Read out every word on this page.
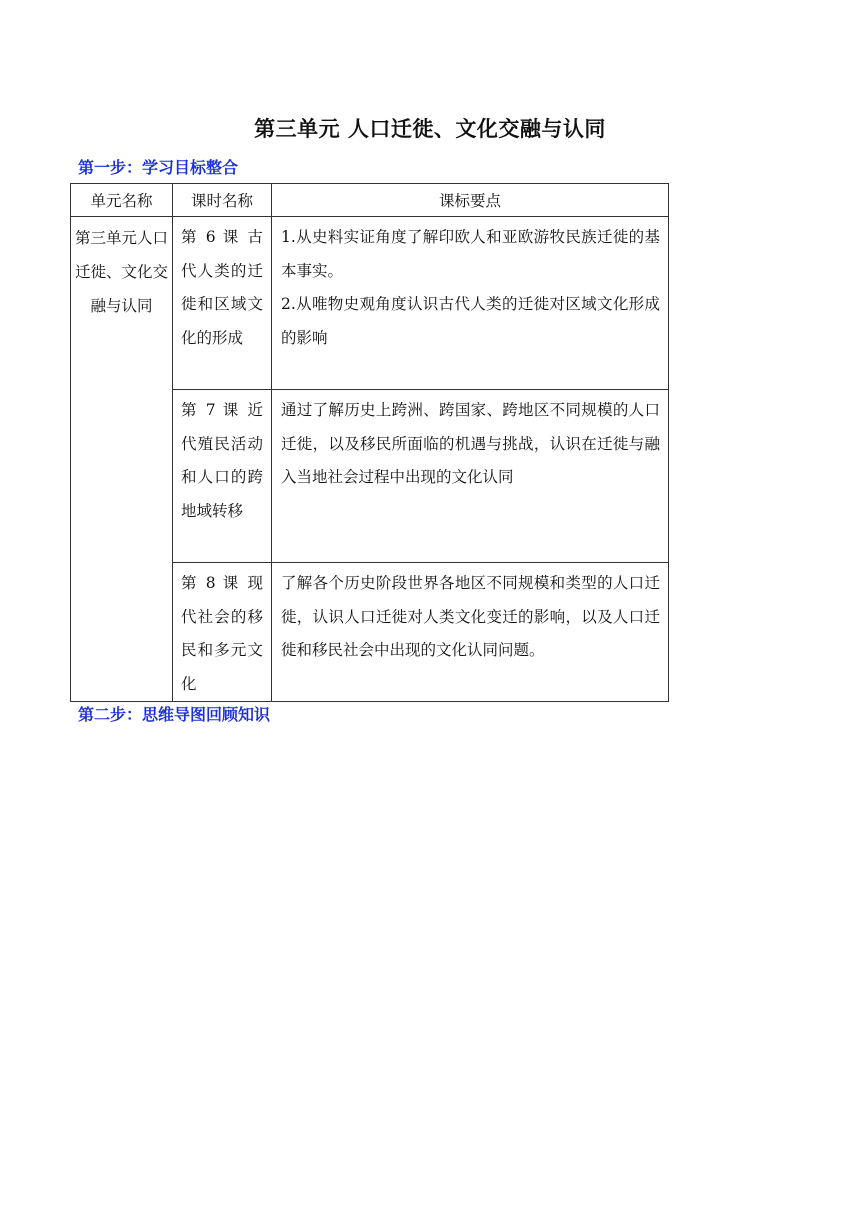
第三单元 人口迁徙、文化交融与认同
第一步：学习目标整合
单元名称	课时名称	课标要点
第三单元人口迁徙、文化交融与认同	第 6 课 古代人类的迁徙和区域文化的形成	1.从史料实证角度了解印欧人和亚欧游牧民族迁徙的基本事实。

2.从唯物史观角度认识古代人类的迁徙对区域文化形成的影响

	第 7 课 近代殖民活动和人口的跨地域转移	通过了解历史上跨洲、跨国家、跨地区不同规模的人口迁徙，以及移民所面临的机遇与挑战，认识在迁徙与融入当地社会过程中出现的文化认同

	第 8 课 现代社会的移民和多元文化	了解各个历史阶段世界各地区不同规模和类型的人口迁徙，认识人口迁徙对人类文化变迁的影响，以及人口迁徙和移民社会中出现的文化认同问题。

第二步：思维导图回顾知识
